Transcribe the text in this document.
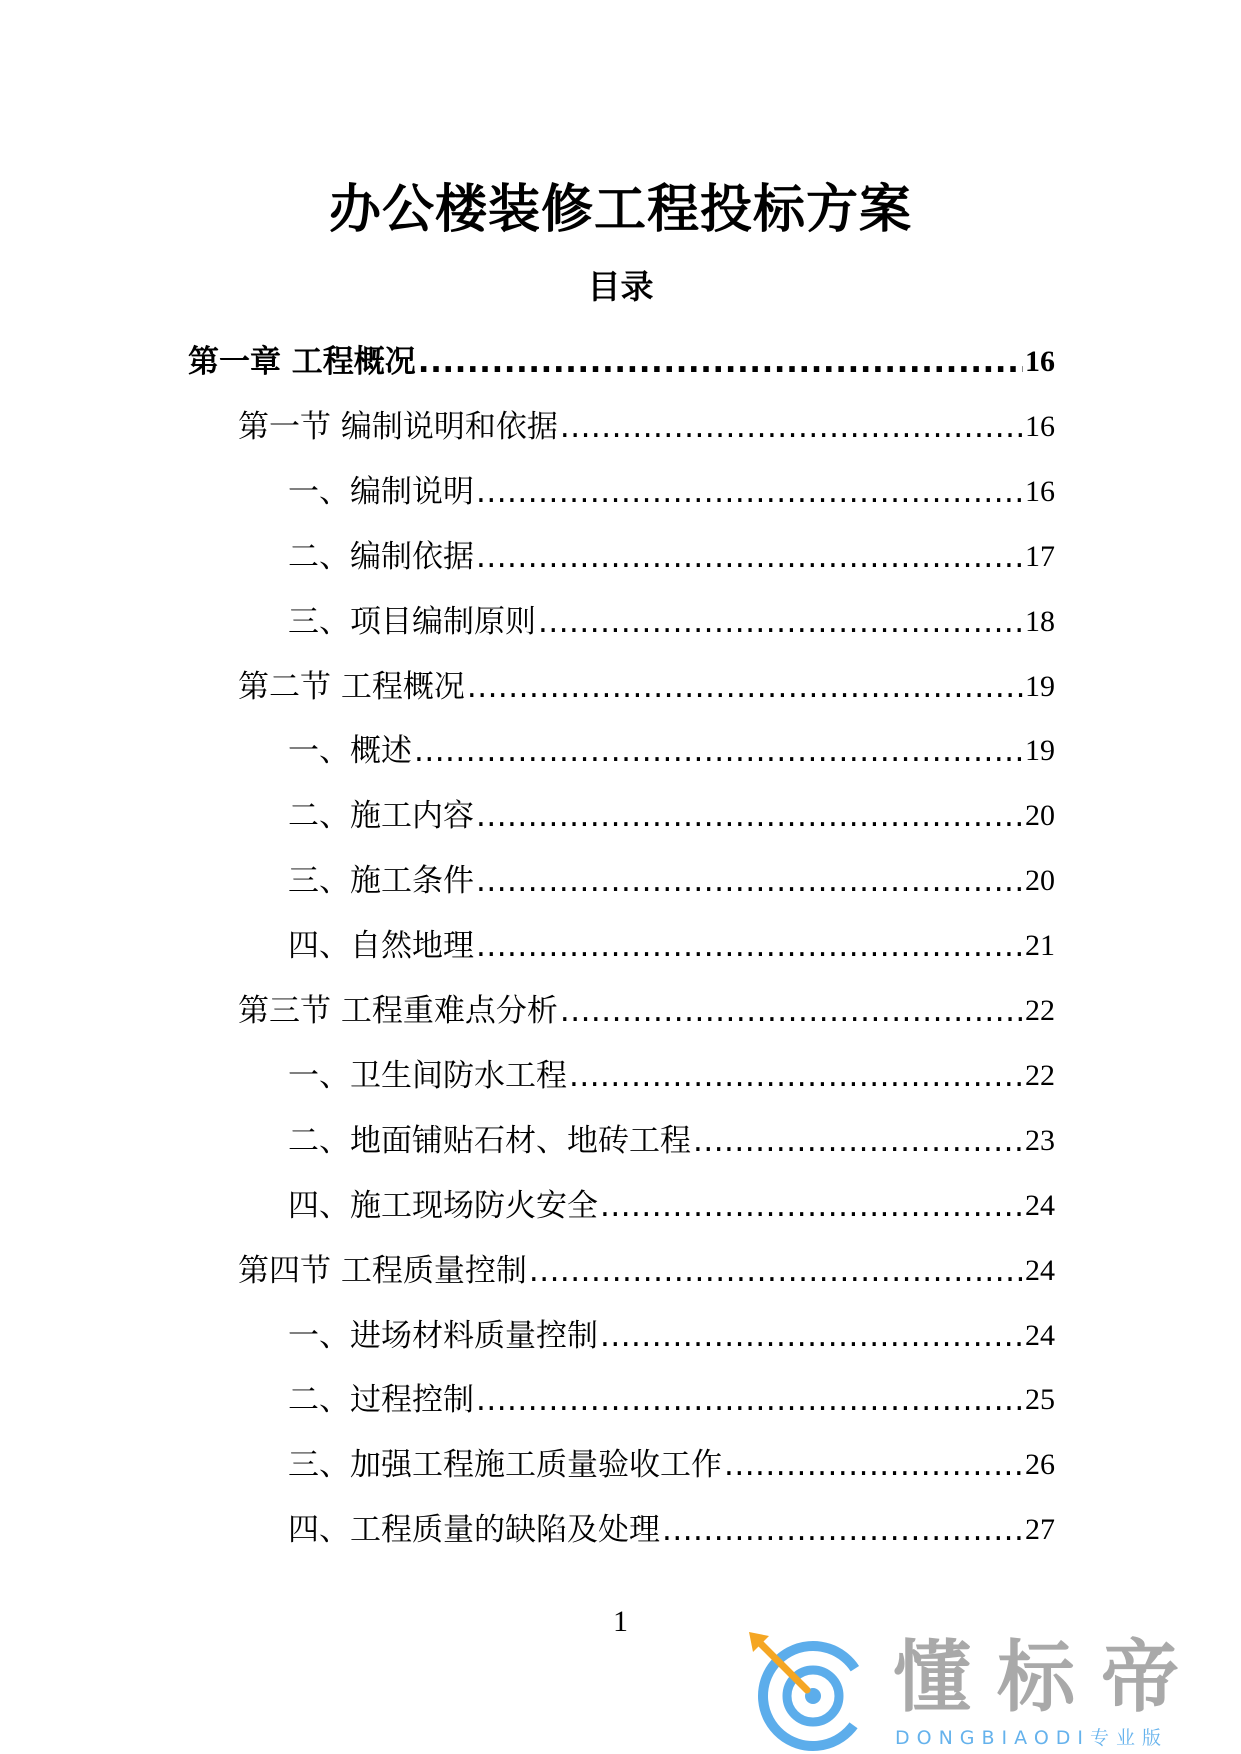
办公楼装修工程投标方案
目录
第一章 工程概况 .....	16
第一节 编制说明和依据 .....	16
一、编制说明 .....	16
二、编制依据 .....	17
三、项目编制原则 .....	18
第二节 工程概况 .....	19
一、概述 .....	19
二、施工内容 .....	20
三、施工条件 .....	20
四、自然地理 .....	21
第三节 工程重难点分析 .....	22
一、卫生间防水工程 .....	22
二、地面铺贴石材、地砖工程 .....	23
四、施工现场防火安全 .....	24
第四节 工程质量控制 .....	24
一、进场材料质量控制 .....	24
二、过程控制 .....	25
三、加强工程施工质量验收工作 .....	26
四、工程质量的缺陷及处理 .....	27
1
懂标帝
DONGBIAODI专业版
